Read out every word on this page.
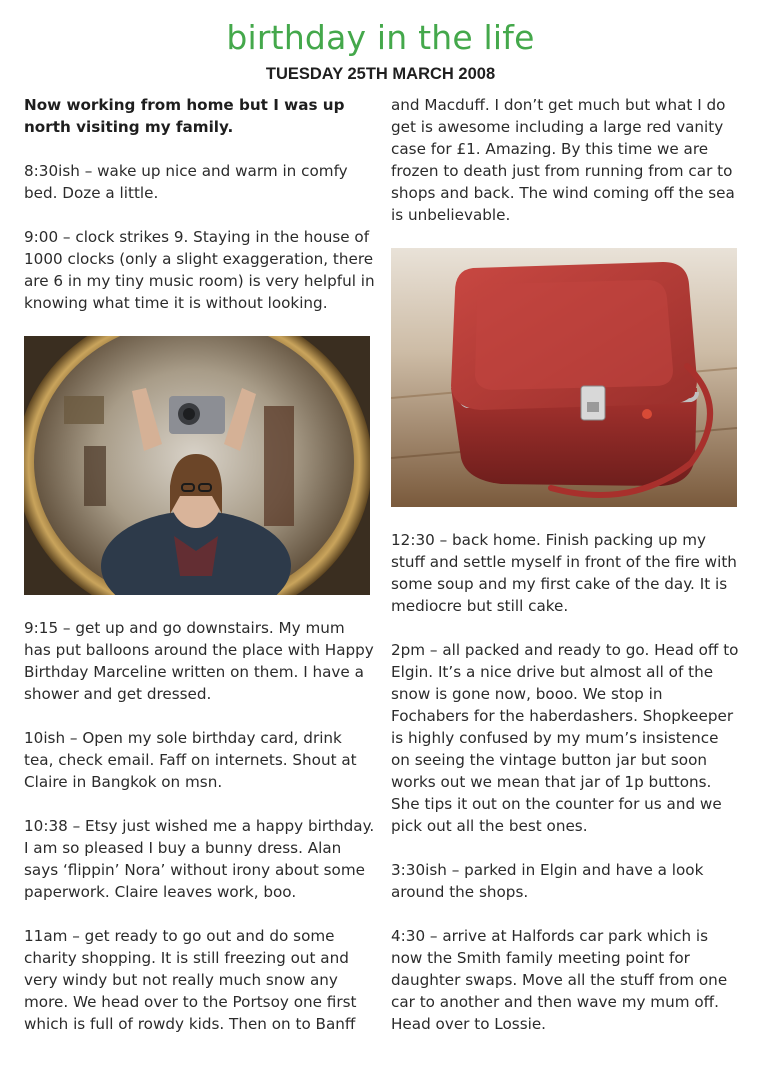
birthday in the life
TUESDAY 25TH MARCH 2008

Now working from home but I was up north visiting my family.

8:30ish – wake up nice and warm in comfy bed. Doze a little.

9:00 – clock strikes 9. Staying in the house of 1000 clocks (only a slight exaggeration, there are 6 in my tiny music room) is very helpful in knowing what time it is without looking.

9:15 – get up and go downstairs. My mum has put balloons around the place with Happy Birthday Marceline written on them. I have a shower and get dressed.

10ish – Open my sole birthday card, drink tea, check email. Faff on internets. Shout at Claire in Bangkok on msn.

10:38 – Etsy just wished me a happy birthday. I am so pleased I buy a bunny dress. Alan says ‘flippin’ Nora’ without irony about some paperwork. Claire leaves work, boo.

11am – get ready to go out and do some charity shopping. It is still freezing out and very windy but not really much snow any more. We head over to the Portsoy one first which is full of rowdy kids. Then on to Banff

and Macduff. I don’t get much but what I do get is awesome including a large red vanity case for £1. Amazing. By this time we are frozen to death just from running from car to shops and back. The wind coming off the sea is unbelievable.

12:30 – back home. Finish packing up my stuff and settle myself in front of the fire with some soup and my first cake of the day. It is mediocre but still cake.

2pm – all packed and ready to go. Head off to Elgin. It’s a nice drive but almost all of the snow is gone now, booo. We stop in Fochabers for the haberdashers. Shopkeeper is highly confused by my mum’s insistence on seeing the vintage button jar but soon works out we mean that jar of 1p buttons. She tips it out on the counter for us and we pick out all the best ones.

3:30ish – parked in Elgin and have a look around the shops.

4:30 – arrive at Halfords car park which is now the Smith family meeting point for daughter swaps. Move all the stuff from one car to another and then wave my mum off. Head over to Lossie.
